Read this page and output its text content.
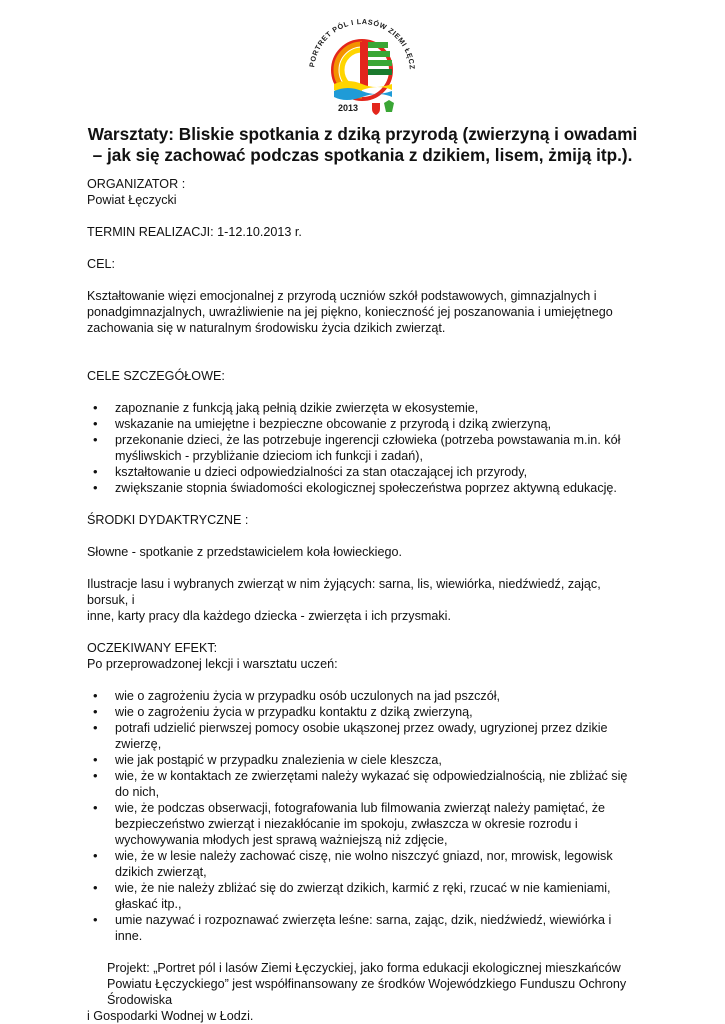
PORTRET PÓL I LASÓW ZIEMI ŁĘCZ
2013
Warsztaty: Bliskie spotkania z dziką przyrodą (zwierzyną i owadami
– jak się zachować podczas spotkania z dzikiem, lisem, żmiją itp.).

ORGANIZATOR :

Powiat Łęczycki

TERMIN REALIZACJI: 1-12.10.2013 r.

CEL:

Kształtowanie więzi emocjonalnej z przyrodą uczniów szkół podstawowych, gimnazjalnych i
ponadgimnazjalnych, uwrażliwienie na jej piękno, konieczność jej poszanowania i umiejętnego
zachowania się w naturalnym środowisku życia dzikich zwierząt.

CELE SZCZEGÓŁOWE:

• zapoznanie z funkcją jaką pełnią dzikie zwierzęta w ekosystemie,
• wskazanie na umiejętne i bezpieczne obcowanie z przyrodą i dziką zwierzyną,
• przekonanie dzieci, że las potrzebuje ingerencji człowieka (potrzeba powstawania m.in. kół
myśliwskich - przybliżanie dzieciom ich funkcji i zadań),
• kształtowanie u dzieci odpowiedzialności za stan otaczającej ich przyrody,
• zwiększanie stopnia świadomości ekologicznej społeczeństwa poprzez aktywną edukację.

ŚRODKI DYDAKTRYCZNE :

Słowne - spotkanie z przedstawicielem koła łowieckiego.

Ilustracje lasu i wybranych zwierząt w nim żyjących: sarna, lis, wiewiórka, niedźwiedź, zając, borsuk, i
inne, karty pracy dla każdego dziecka - zwierzęta i ich przysmaki.

OCZEKIWANY EFEKT:

Po przeprowadzonej lekcji i warsztatu uczeń:

• wie o zagrożeniu życia w przypadku osób uczulonych na jad pszczół,
• wie o zagrożeniu życia w przypadku kontaktu z dziką zwierzyną,
• potrafi udzielić pierwszej pomocy osobie ukąszonej przez owady, ugryzionej przez dzikie
zwierzę,
• wie jak postąpić w przypadku znalezienia w ciele kleszcza,
• wie, że w kontaktach ze zwierzętami należy wykazać się odpowiedzialnością, nie zbliżać się
do nich,
• wie, że podczas obserwacji, fotografowania lub filmowania zwierząt należy pamiętać, że
bezpieczeństwo zwierząt i niezakłócanie im spokoju, zwłaszcza w okresie rozrodu i
wychowywania młodych jest sprawą ważniejszą niż zdjęcie,
• wie, że w lesie należy zachować ciszę, nie wolno niszczyć gniazd, nor, mrowisk, legowisk
dzikich zwierząt,
• wie, że nie należy zbliżać się do zwierząt dzikich, karmić z ręki, rzucać w nie kamieniami,
głaskać itp.,
• umie nazywać i rozpoznawać zwierzęta leśne: sarna, zając, dzik, niedźwiedź, wiewiórka i
inne.

Projekt: „Portret pól i lasów Ziemi Łęczyckiej, jako forma edukacji ekologicznej mieszkańców
Powiatu Łęczyckiego” jest współfinansowany ze środków Wojewódzkiego Funduszu Ochrony
Środowiska

i Gospodarki Wodnej w Łodzi.
